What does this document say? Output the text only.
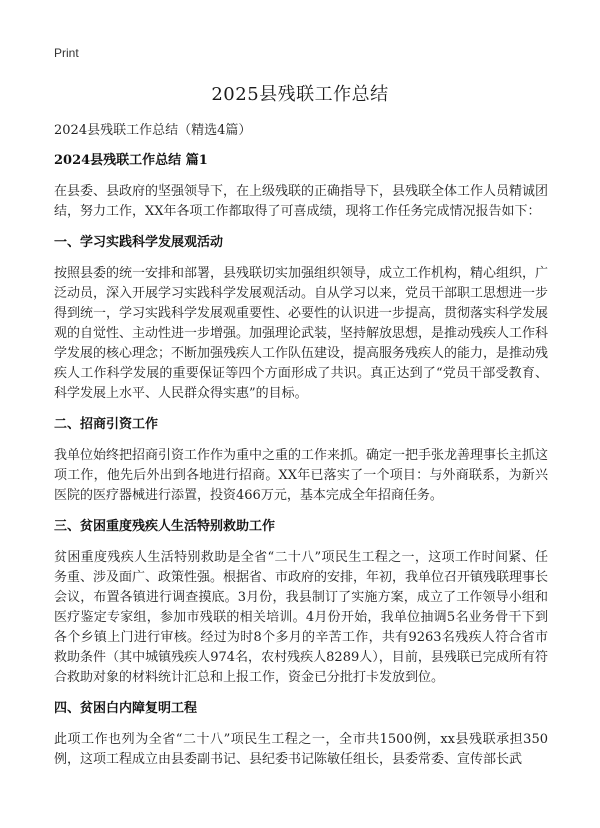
Print
2025县残联工作总结
2024县残联工作总结（精选4篇）
2024县残联工作总结 篇1
在县委、县政府的坚强领导下，在上级残联的正确指导下，县残联全体工作人员精诚团结，努力工作，XX年各项工作都取得了可喜成绩，现将工作任务完成情况报告如下：
一、学习实践科学发展观活动
按照县委的统一安排和部署，县残联切实加强组织领导，成立工作机构，精心组织，广泛动员，深入开展学习实践科学发展观活动。自从学习以来，党员干部职工思想进一步得到统一，学习实践科学发展观重要性、必要性的认识进一步提高，贯彻落实科学发展观的自觉性、主动性进一步增强。加强理论武装，坚持解放思想，是推动残疾人工作科学发展的核心理念；不断加强残疾人工作队伍建设，提高服务残疾人的能力，是推动残疾人工作科学发展的重要保证等四个方面形成了共识。真正达到了“党员干部受教育、科学发展上水平、人民群众得实惠”的目标。
二、招商引资工作
我单位始终把招商引资工作作为重中之重的工作来抓。确定一把手张龙善理事长主抓这项工作，他先后外出到各地进行招商。XX年已落实了一个项目：与外商联系，为新兴医院的医疗器械进行添置，投资466万元，基本完成全年招商任务。
三、贫困重度残疾人生活特别救助工作
贫困重度残疾人生活特别救助是全省“二十八”项民生工程之一，这项工作时间紧、任务重、涉及面广、政策性强。根据省、市政府的安排，年初，我单位召开镇残联理事长会议，布置各镇进行调查摸底。3月份，我县制订了实施方案，成立了工作领导小组和医疗鉴定专家组，参加市残联的相关培训。4月份开始，我单位抽调5名业务骨干下到各个乡镇上门进行审核。经过为时8个多月的辛苦工作，共有9263名残疾人符合省市救助条件（其中城镇残疾人974名，农村残疾人8289人），目前，县残联已完成所有符合救助对象的材料统计汇总和上报工作，资金已分批打卡发放到位。
四、贫困白内障复明工程
此项工作也列为全省“二十八”项民生工程之一，全市共1500例，xx县残联承担350例，这项工程成立由县委副书记、县纪委书记陈敏任组长，县委常委、宣传部长武
